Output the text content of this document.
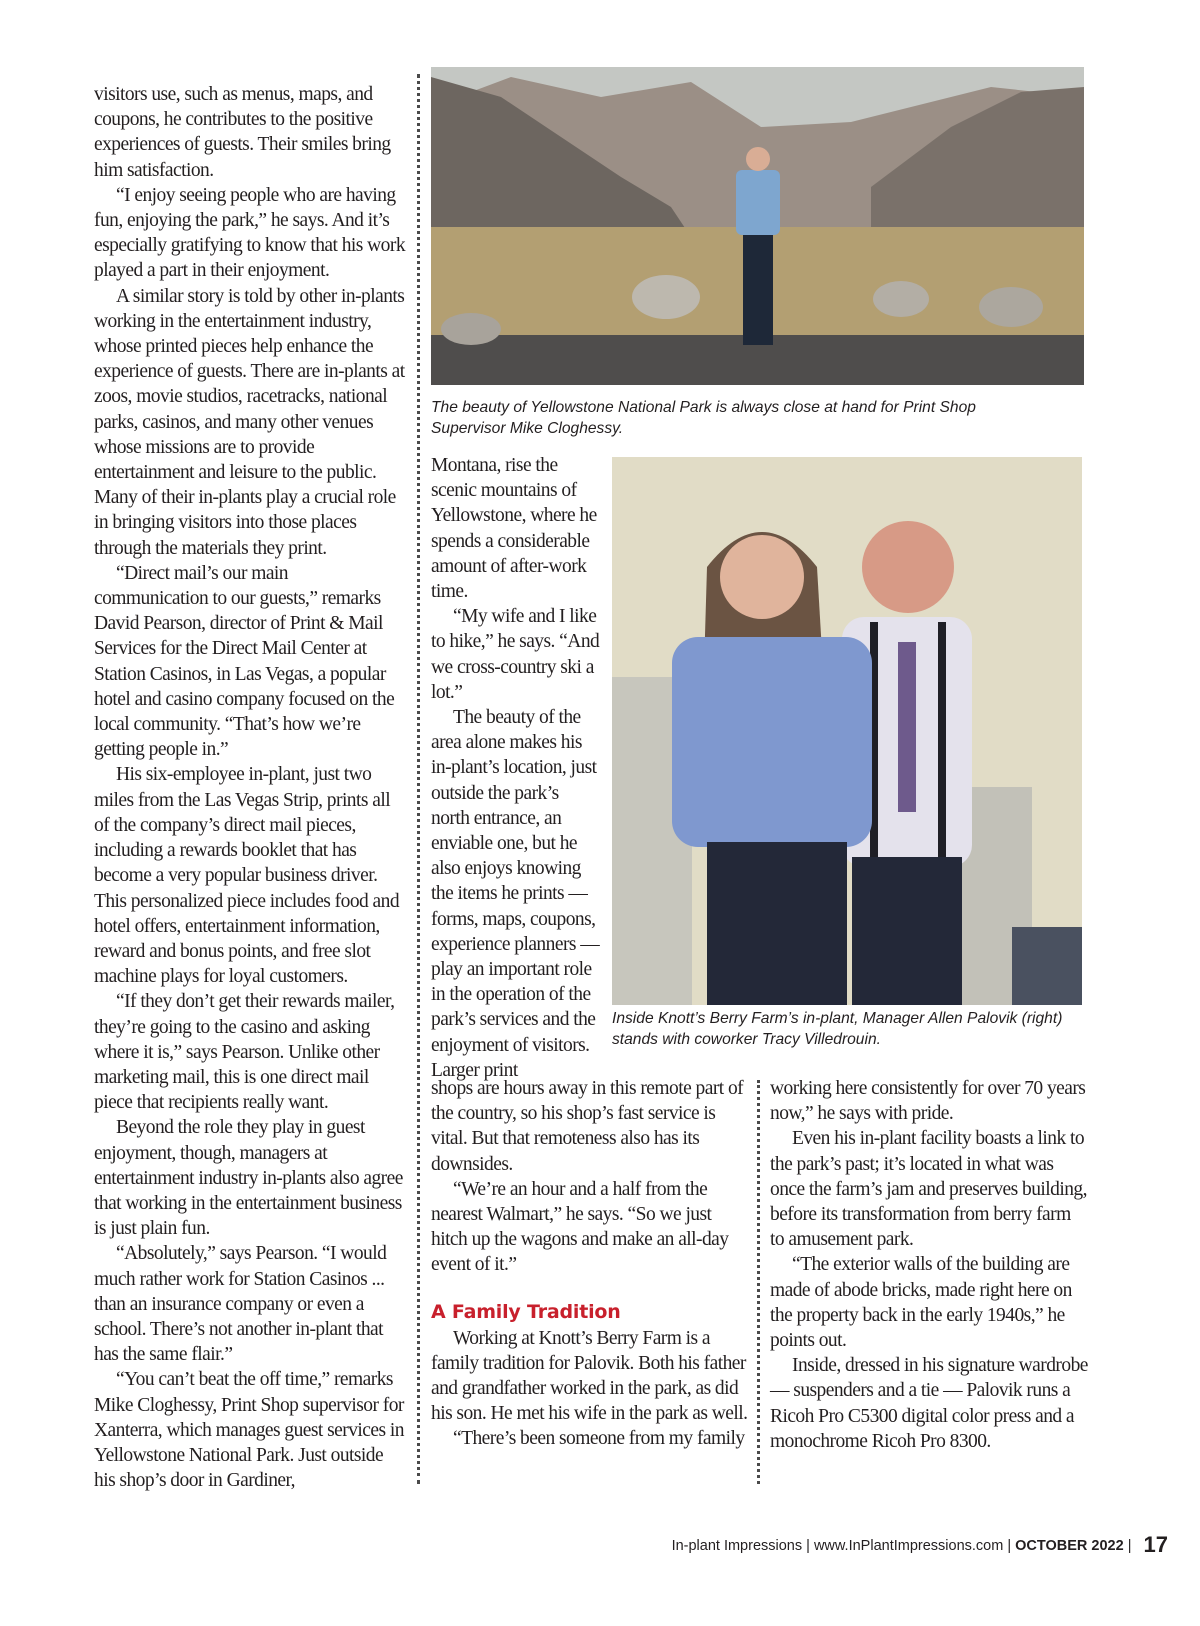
visitors use, such as menus, maps, and coupons, he contributes to the positive experiences of guests. Their smiles bring him satisfaction.

“I enjoy seeing people who are having fun, enjoying the park,” he says. And it’s especially gratifying to know that his work played a part in their enjoyment.

A similar story is told by other in-plants working in the entertainment industry, whose printed pieces help enhance the experience of guests. There are in-plants at zoos, movie studios, racetracks, national parks, casinos, and many other venues whose missions are to provide entertainment and leisure to the public. Many of their in-plants play a crucial role in bringing visitors into those places through the materials they print.

“Direct mail’s our main communication to our guests,” remarks David Pearson, director of Print & Mail Services for the Direct Mail Center at Station Casinos, in Las Vegas, a popular hotel and casino company focused on the local community. “That’s how we’re getting people in.”

His six-employee in-plant, just two miles from the Las Vegas Strip, prints all of the company’s direct mail pieces, including a rewards booklet that has become a very popular business driver. This personalized piece includes food and hotel offers, entertainment information, reward and bonus points, and free slot machine plays for loyal customers.

“If they don’t get their rewards mailer, they’re going to the casino and asking where it is,” says Pearson. Unlike other marketing mail, this is one direct mail piece that recipients really want.

Beyond the role they play in guest enjoyment, though, managers at entertainment industry in-plants also agree that working in the entertainment business is just plain fun.

“Absolutely,” says Pearson. “I would much rather work for Station Casinos ... than an insurance company or even a school. There’s not another in-plant that has the same flair.”

“You can’t beat the off time,” remarks Mike Cloghessy, Print Shop supervisor for Xanterra, which manages guest services in Yellowstone National Park. Just outside his shop’s door in Gardiner,

The beauty of Yellowstone National Park is always close at hand for Print Shop Supervisor Mike Cloghessy.
Inside Knott’s Berry Farm’s in-plant, Manager Allen Palovik (right) stands with coworker Tracy Villedrouin.

Montana, rise the scenic mountains of Yellowstone, where he spends a considerable amount of after-work time.

“My wife and I like to hike,” he says. “And we cross-country ski a lot.”

The beauty of the area alone makes his in-plant’s location, just outside the park’s north entrance, an enviable one, but he also enjoys knowing the items he prints — forms, maps, coupons, experience planners — play an important role in the operation of the park’s services and the enjoyment of visitors. Larger print

shops are hours away in this remote part of the country, so his shop’s fast service is vital. But that remoteness also has its downsides.

“We’re an hour and a half from the nearest Walmart,” he says. “So we just hitch up the wagons and make an all-day event of it.”

A Family Tradition

Working at Knott’s Berry Farm is a family tradition for Palovik. Both his father and grandfather worked in the park, as did his son. He met his wife in the park as well.

“There’s been someone from my family

working here consistently for over 70 years now,” he says with pride.

Even his in-plant facility boasts a link to the park’s past; it’s located in what was once the farm’s jam and preserves building, before its transformation from berry farm to amusement park.

“The exterior walls of the building are made of abode bricks, made right here on the property back in the early 1940s,” he points out.

Inside, dressed in his signature wardrobe — suspenders and a tie — Palovik runs a Ricoh Pro C5300 digital color press and a monochrome Ricoh Pro 8300.

In-plant Impressions | www.InPlantImpressions.com | OCTOBER 2022 | 17
